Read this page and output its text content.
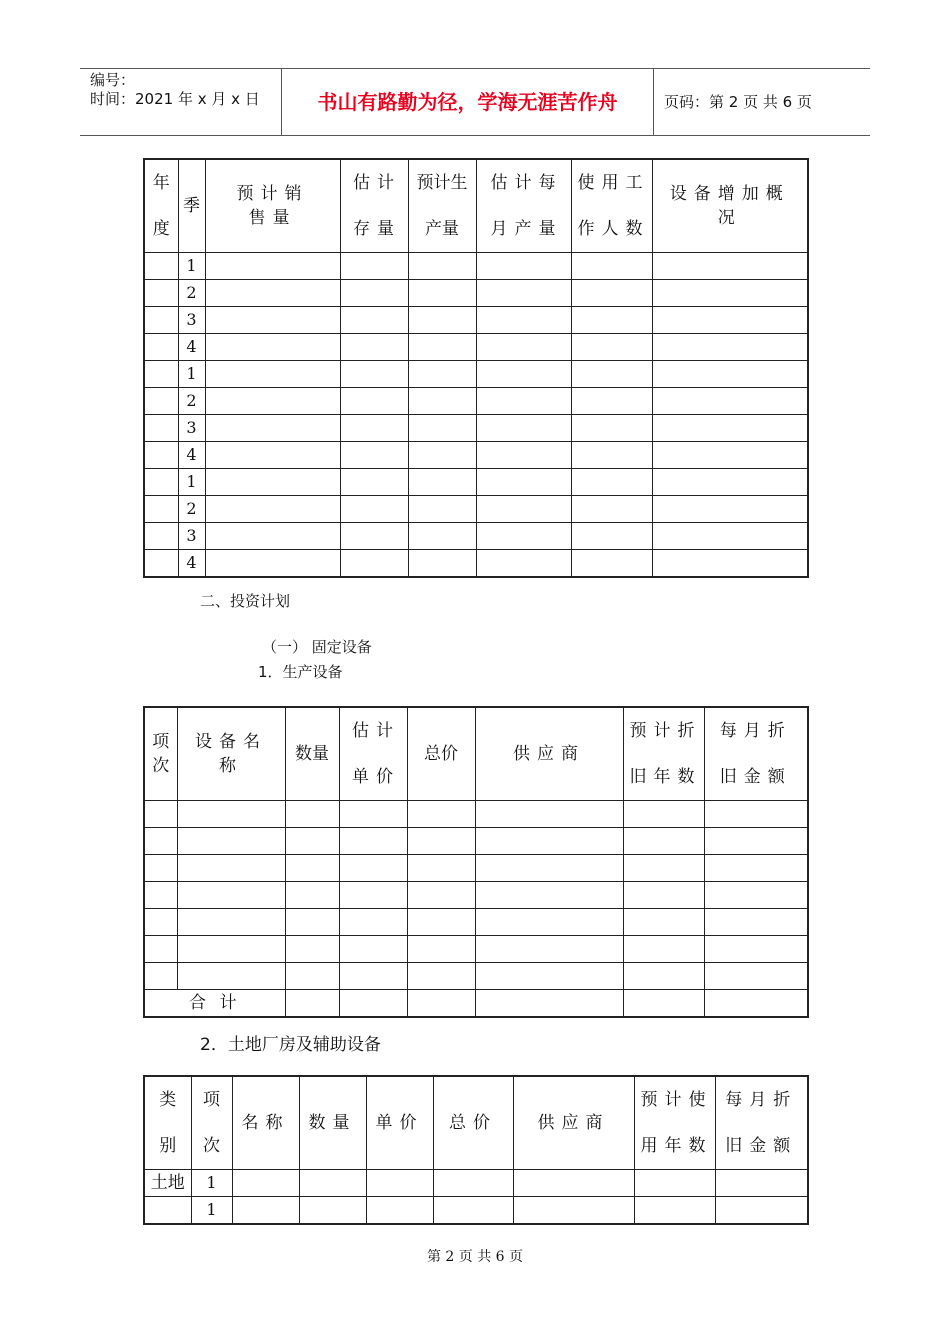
编号：
时间：2021 年 x 月 x 日	书山有路勤为径，学海无涯苦作舟	页码：第 2 页 共 6 页
年度	季	预计销售量	估计存量	预计生产量	估计每月产量	使用工作人数	设备增加概况
	1						
	2						
	3						
	4						
	1						
	2						
	3						
	4						
	1						
	2						
	3						
	4						
二、投资计划
（一） 固定设备
1．生产设备
项次	设备名称	数量	估计单价	总价	供应商	预计折旧年数	每月折旧金额

合 计							
2．土地厂房及辅助设备
类别	项次	名称	数量	单价	总价	供应商	预计使用年数	每月折旧金额
土地	1							
	1							
第 2 页 共 6 页
